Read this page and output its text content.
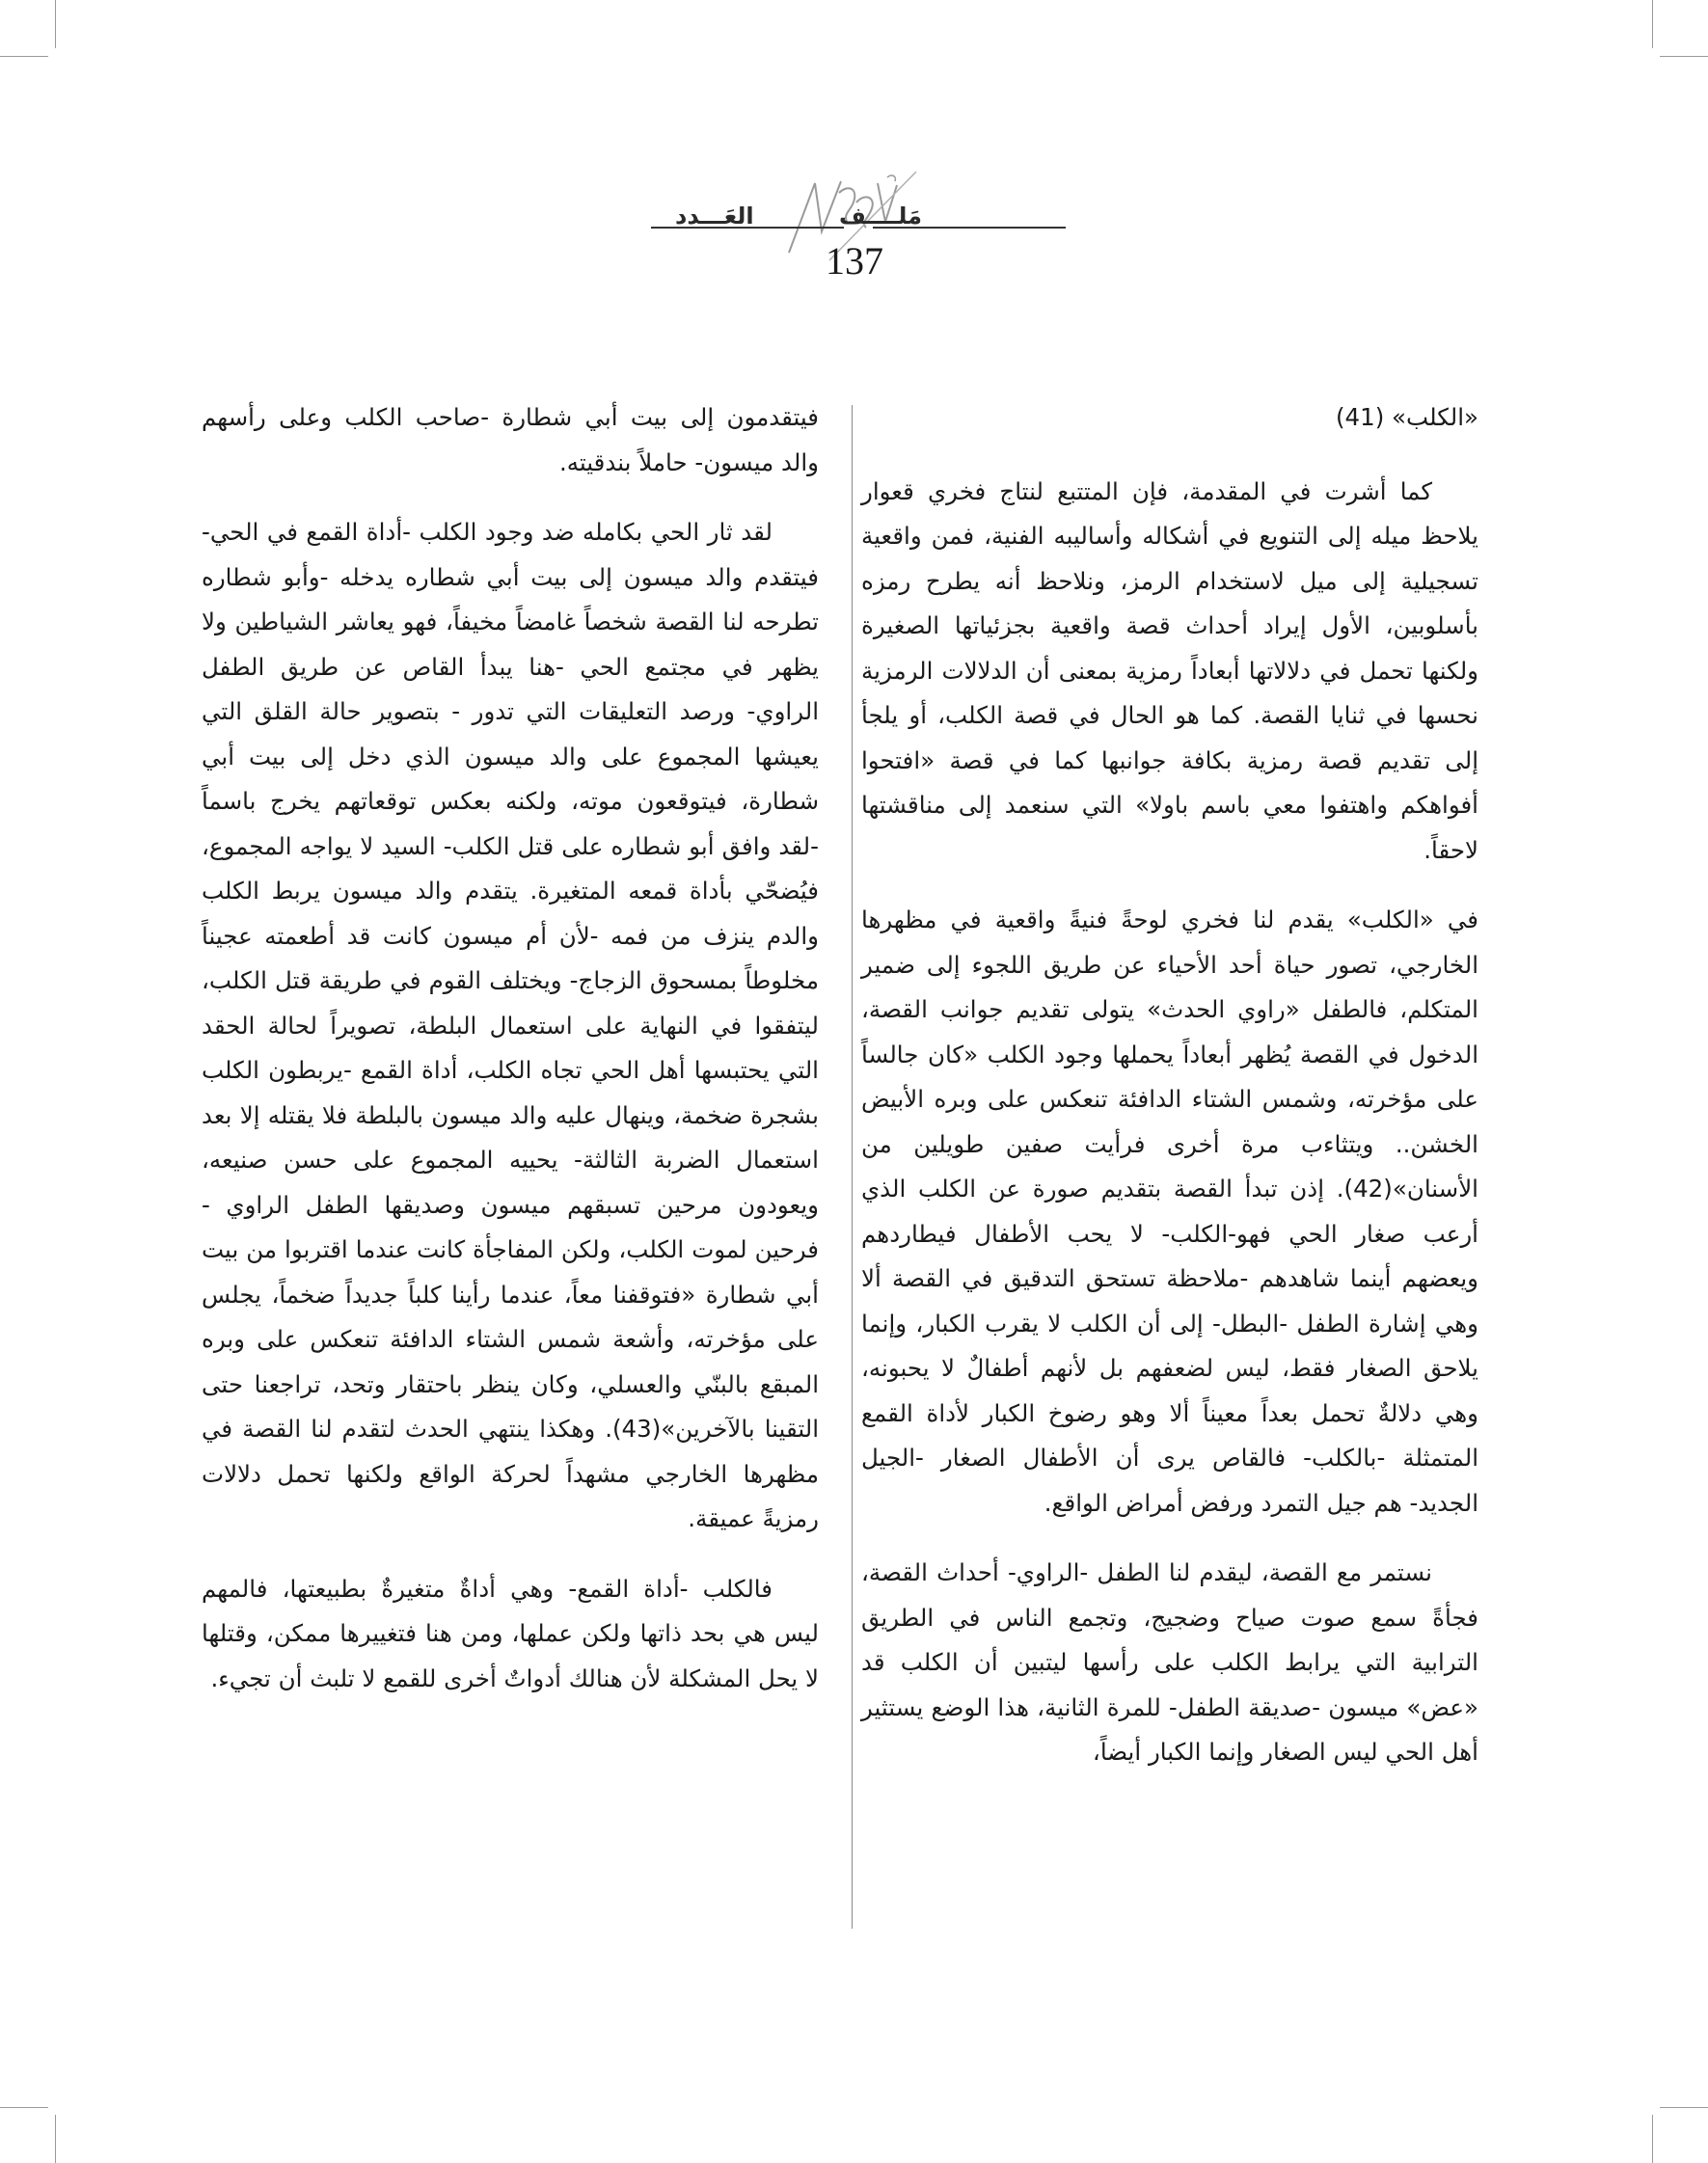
مَلــــف
العَـــدد
137

«الكلب» (41)

كما أشرت في المقدمة، فإن المتتبع لنتاج فخري قعوار يلاحظ ميله إلى التنويع في أشكاله وأساليبه الفنية، فمن واقعية تسجيلية إلى ميل لاستخدام الرمز، ونلاحظ أنه يطرح رمزه بأسلوبين، الأول إيراد أحداث قصة واقعية بجزئياتها الصغيرة ولكنها تحمل في دلالاتها أبعاداً رمزية بمعنى أن الدلالات الرمزية نحسها في ثنايا القصة. كما هو الحال في قصة الكلب، أو يلجأ إلى تقديم قصة رمزية بكافة جوانبها كما في قصة «افتحوا أفواهكم واهتفوا معي باسم باولا» التي سنعمد إلى مناقشتها لاحقاً.

في «الكلب» يقدم لنا فخري لوحةً فنيةً واقعية في مظهرها الخارجي، تصور حياة أحد الأحياء عن طريق اللجوء إلى ضمير المتكلم، فالطفل «راوي الحدث» يتولى تقديم جوانب القصة، الدخول في القصة يُظهر أبعاداً يحملها وجود الكلب «كان جالساً على مؤخرته، وشمس الشتاء الدافئة تنعكس على وبره الأبيض الخشن.. ويتثاءب مرة أخرى فرأيت صفين طويلين من الأسنان»(42). إذن تبدأ القصة بتقديم صورة عن الكلب الذي أرعب صغار الحي فهو-الكلب- لا يحب الأطفال فيطاردهم ويعضهم أينما شاهدهم -ملاحظة تستحق التدقيق في القصة ألا وهي إشارة الطفل -البطل- إلى أن الكلب لا يقرب الكبار، وإنما يلاحق الصغار فقط، ليس لضعفهم بل لأنهم أطفالٌ لا يحبونه، وهي دلالةٌ تحمل بعداً معيناً ألا وهو رضوخ الكبار لأداة القمع المتمثلة -بالكلب- فالقاص يرى أن الأطفال الصغار -الجيل الجديد- هم جيل التمرد ورفض أمراض الواقع.

نستمر مع القصة، ليقدم لنا الطفل -الراوي- أحداث القصة، فجأةً سمع صوت صياح وضجيج، وتجمع الناس في الطريق الترابية التي يرابط الكلب على رأسها ليتبين أن الكلب قد «عض» ميسون -صديقة الطفل- للمرة الثانية، هذا الوضع يستثير أهل الحي ليس الصغار وإنما الكبار أيضاً،

فيتقدمون إلى بيت أبي شطارة -صاحب الكلب وعلى رأسهم والد ميسون- حاملاً بندقيته.

لقد ثار الحي بكامله ضد وجود الكلب -أداة القمع في الحي- فيتقدم والد ميسون إلى بيت أبي شطاره يدخله -وأبو شطاره تطرحه لنا القصة شخصاً غامضاً مخيفاً، فهو يعاشر الشياطين ولا يظهر في مجتمع الحي -هنا يبدأ القاص عن طريق الطفل الراوي- ورصد التعليقات التي تدور - بتصوير حالة القلق التي يعيشها المجموع على والد ميسون الذي دخل إلى بيت أبي شطارة، فيتوقعون موته، ولكنه بعكس توقعاتهم يخرج باسماً -لقد وافق أبو شطاره على قتل الكلب- السيد لا يواجه المجموع، فيُضحّي بأداة قمعه المتغيرة. يتقدم والد ميسون يربط الكلب والدم ينزف من فمه -لأن أم ميسون كانت قد أطعمته عجيناً مخلوطاً بمسحوق الزجاج- ويختلف القوم في طريقة قتل الكلب، ليتفقوا في النهاية على استعمال البلطة، تصويراً لحالة الحقد التي يحتبسها أهل الحي تجاه الكلب، أداة القمع -يربطون الكلب بشجرة ضخمة، وينهال عليه والد ميسون بالبلطة فلا يقتله إلا بعد استعمال الضربة الثالثة- يحييه المجموع على حسن صنيعه، ويعودون مرحين تسبقهم ميسون وصديقها الطفل الراوي - فرحين لموت الكلب، ولكن المفاجأة كانت عندما اقتربوا من بيت أبي شطارة «فتوقفنا معاً، عندما رأينا كلباً جديداً ضخماً، يجلس على مؤخرته، وأشعة شمس الشتاء الدافئة تنعكس على وبره المبقع بالبنّي والعسلي، وكان ينظر باحتقار وتحد، تراجعنا حتى التقينا بالآخرين»(43). وهكذا ينتهي الحدث لتقدم لنا القصة في مظهرها الخارجي مشهداً لحركة الواقع ولكنها تحمل دلالات رمزيةً عميقة.

فالكلب -أداة القمع- وهي أداةٌ متغيرةٌ بطبيعتها، فالمهم ليس هي بحد ذاتها ولكن عملها، ومن هنا فتغييرها ممكن، وقتلها لا يحل المشكلة لأن هنالك أدواتٌ أخرى للقمع لا تلبث أن تجيء.
